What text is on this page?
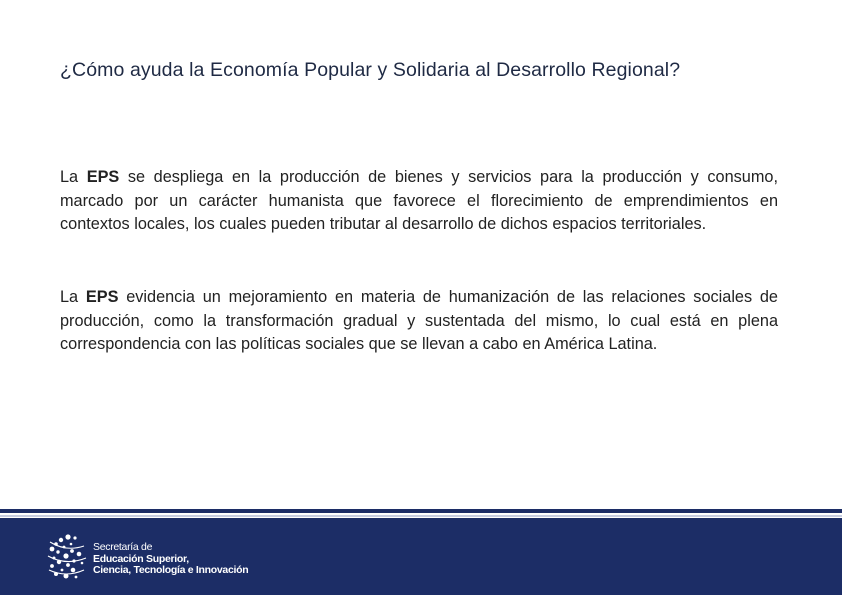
¿Cómo ayuda la Economía Popular y Solidaria al Desarrollo Regional?

La EPS se despliega en la producción de bienes y servicios para la producción y consumo, marcado por un carácter humanista que favorece el florecimiento de emprendimientos en contextos locales, los cuales pueden tributar al desarrollo de dichos espacios territoriales.

La EPS evidencia un mejoramiento en materia de humanización de las relaciones sociales de producción, como la transformación gradual y sustentada del mismo, lo cual está en plena correspondencia con las políticas sociales que se llevan a cabo en América Latina.

Secretaría de
Educación Superior,
Ciencia, Tecnología e Innovación
